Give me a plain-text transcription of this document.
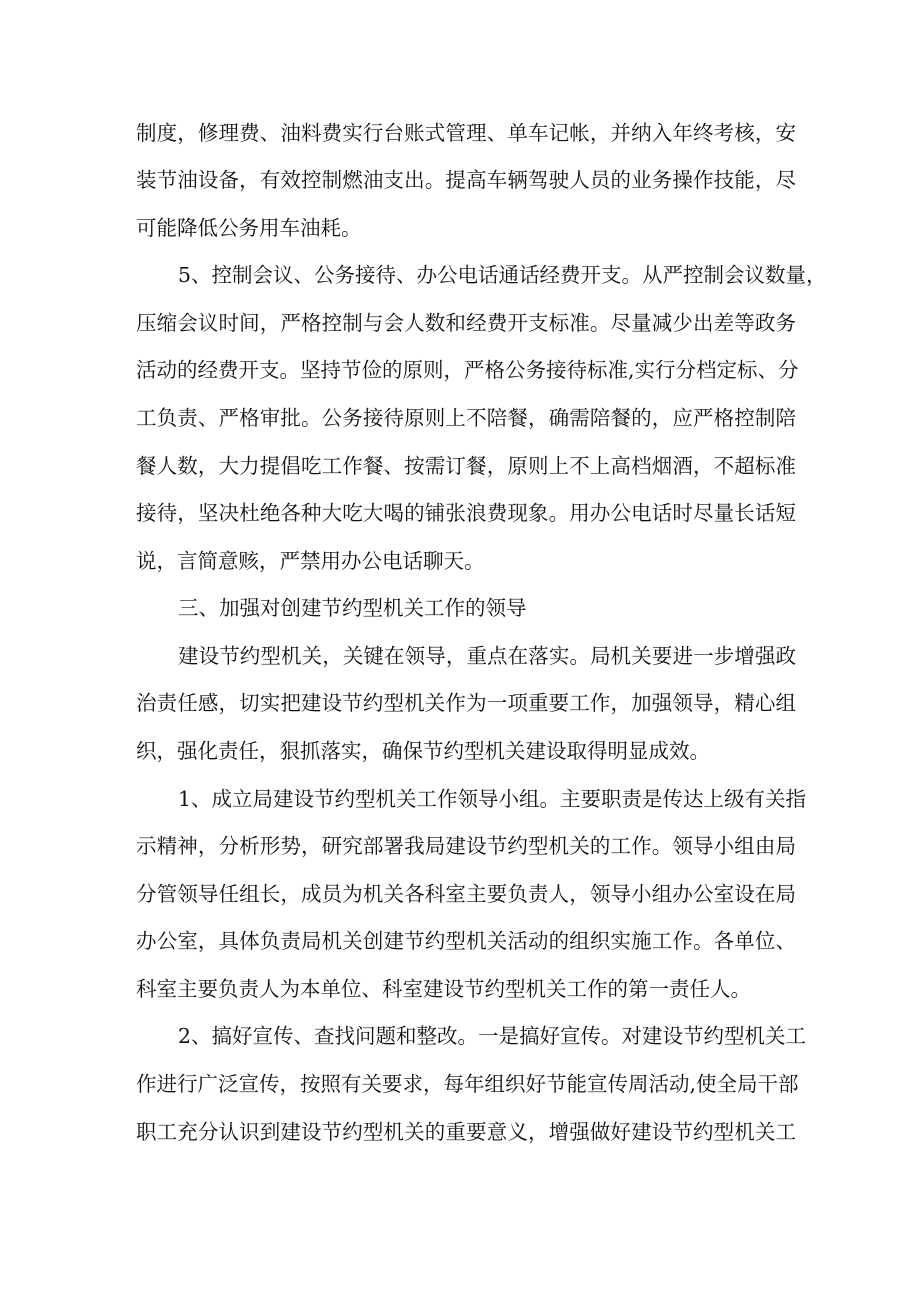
制度，修理费、油料费实行台账式管理、单车记帐，并纳入年终考核，安
装节油设备，有效控制燃油支出。提高车辆驾驶人员的业务操作技能，尽
可能降低公务用车油耗。
5、控制会议、公务接待、办公电话通话经费开支。从严控制会议数量，
压缩会议时间，严格控制与会人数和经费开支标准。尽量减少出差等政务
活动的经费开支。坚持节俭的原则，严格公务接待标准,实行分档定标、分
工负责、严格审批。公务接待原则上不陪餐，确需陪餐的，应严格控制陪
餐人数，大力提倡吃工作餐、按需订餐，原则上不上高档烟酒，不超标准
接待，坚决杜绝各种大吃大喝的铺张浪费现象。用办公电话时尽量长话短
说，言简意赅，严禁用办公电话聊天。
三、加强对创建节约型机关工作的领导
建设节约型机关，关键在领导，重点在落实。局机关要进一步增强政
治责任感，切实把建设节约型机关作为一项重要工作，加强领导，精心组
织，强化责任，狠抓落实，确保节约型机关建设取得明显成效。
1、成立局建设节约型机关工作领导小组。主要职责是传达上级有关指
示精神，分析形势，研究部署我局建设节约型机关的工作。领导小组由局
分管领导任组长，成员为机关各科室主要负责人，领导小组办公室设在局
办公室，具体负责局机关创建节约型机关活动的组织实施工作。各单位、
科室主要负责人为本单位、科室建设节约型机关工作的第一责任人。
2、搞好宣传、查找问题和整改。一是搞好宣传。对建设节约型机关工
作进行广泛宣传，按照有关要求，每年组织好节能宣传周活动,使全局干部
职工充分认识到建设节约型机关的重要意义，增强做好建设节约型机关工
